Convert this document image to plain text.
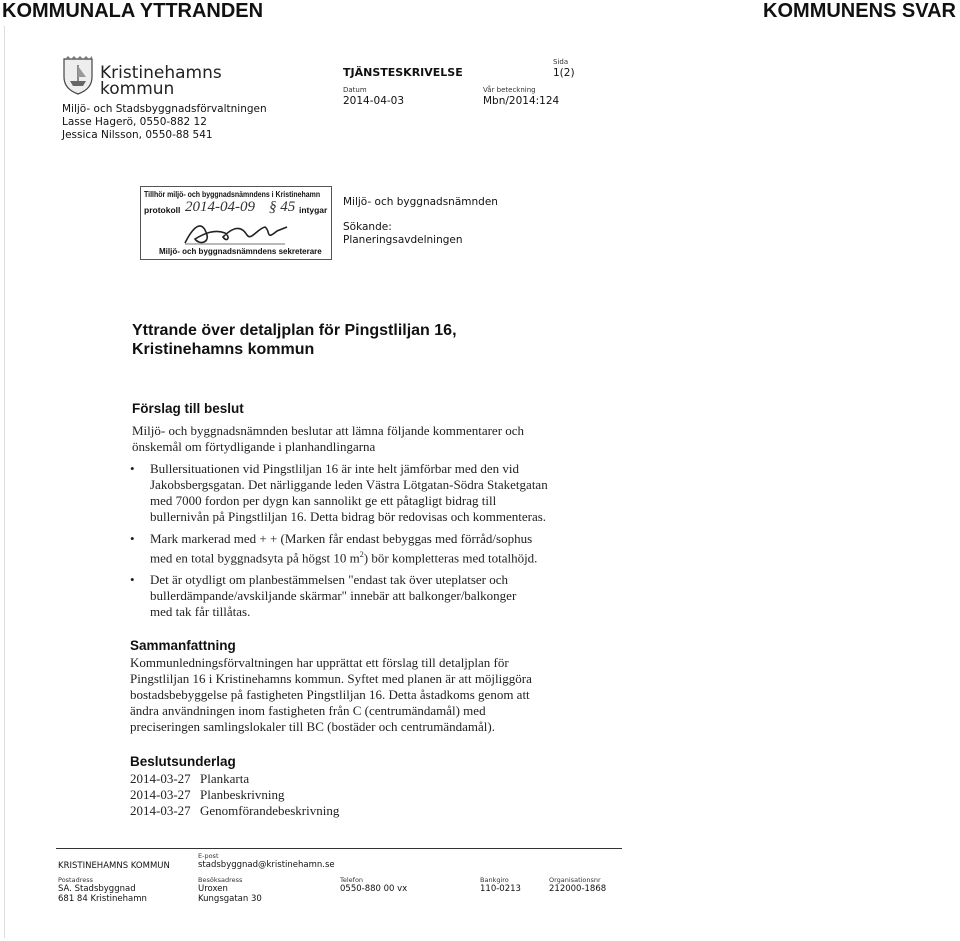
KOMMUNALA YTTRANDEN	KOMMUNENS SVAR
Kristinehamns
kommun
Miljö- och Stadsbyggnadsförvaltningen
Lasse Hagerö, 0550-882 12
Jessica Nilsson, 0550-88 541
TJÄNSTESKRIVELSE
Datum
2014-04-03
Vår beteckning
Mbn/2014:124
Sida
1(2)
Tillhör miljö- och byggnadsnämndens i Kristinehamn
protokoll 2014-04-09 § 45 intygar
Miljö- och byggnadsnämndens sekreterare
Miljö- och byggnadsnämnden
Sökande:
Planeringsavdelningen
Yttrande över detaljplan för Pingstliljan 16,
Kristinehamns kommun
Förslag till beslut
Miljö- och byggnadsnämnden beslutar att lämna följande kommentarer och
önskemål om förtydligande i planhandlingarna
• Bullersituationen vid Pingstliljan 16 är inte helt jämförbar med den vid
Jakobsbergsgatan. Det närliggande leden Västra Lötgatan-Södra Staketgatan
med 7000 fordon per dygn kan sannolikt ge ett påtagligt bidrag till
bullernivån på Pingstliljan 16. Detta bidrag bör redovisas och kommenteras.
• Mark markerad med + + (Marken får endast bebyggas med förråd/sophus
med en total byggnadsyta på högst 10 $m^2$) bör kompletteras med totalhöjd.
• Det är otydligt om planbestämmelsen "endast tak över uteplatser och
bullerdämpande/avskiljande skärmar" innebär att balkonger/balkonger
med tak får tillåtas.
Sammanfattning
Kommunledningsförvaltningen har upprättat ett förslag till detaljplan för
Pingstliljan 16 i Kristinehamns kommun. Syftet med planen är att möjliggöra
bostadsbebyggelse på fastigheten Pingstliljan 16. Detta åstadkoms genom att
ändra användningen inom fastigheten från C (centrumändamål) med
preciseringen samlingslokaler till BC (bostäder och centrumändamål).
Beslutsunderlag
2014-03-27 Plankarta
2014-03-27 Planbeskrivning
2014-03-27 Genomförandebeskrivning
E-post
stadsbyggnad@kristinehamn.se
KRISTINEHAMNS KOMMUN
Postadress
SA. Stadsbyggnad
681 84 Kristinehamn
Besöksadress
Uroxen
Kungsgatan 30
Telefon
0550-880 00 vx
Bankgiro
110-0213
Organisationsnr
212000-1868
